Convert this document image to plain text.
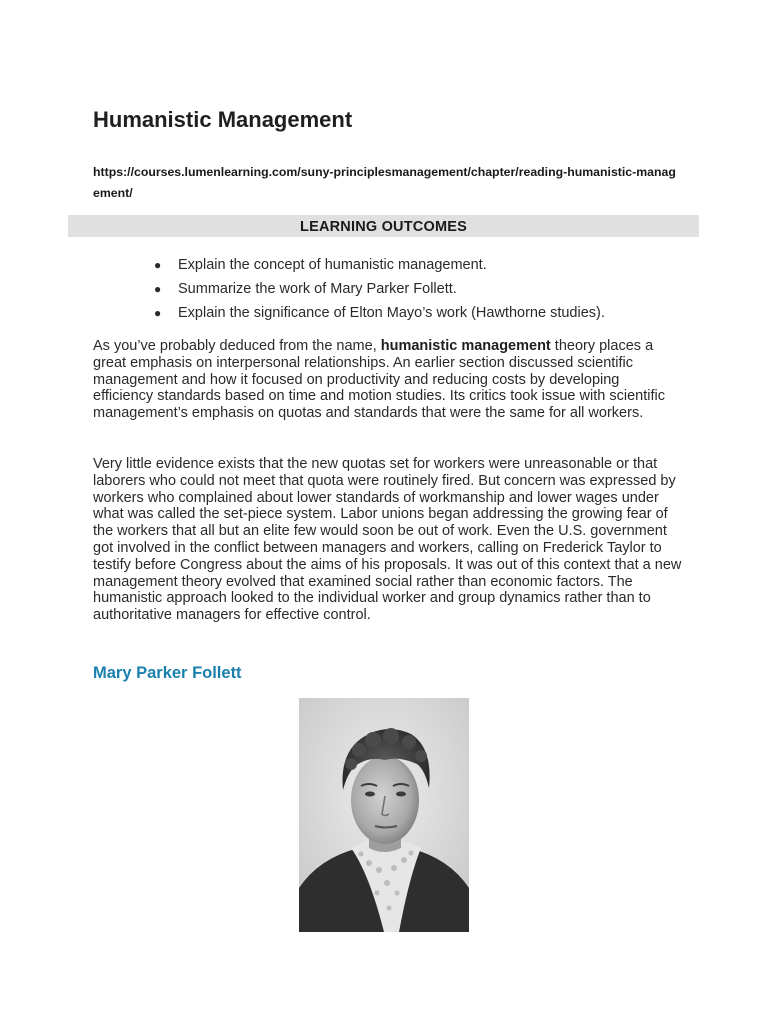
Humanistic Management
https://courses.lumenlearning.com/suny-principlesmanagement/chapter/reading-humanistic-management/
LEARNING OUTCOMES
● Explain the concept of humanistic management.
● Summarize the work of Mary Parker Follett.
● Explain the significance of Elton Mayo’s work (Hawthorne studies).

As you’ve probably deduced from the name, humanistic management theory places a great emphasis on interpersonal relationships. An earlier section discussed scientific management and how it focused on productivity and reducing costs by developing efficiency standards based on time and motion studies. Its critics took issue with scientific management’s emphasis on quotas and standards that were the same for all workers.

Very little evidence exists that the new quotas set for workers were unreasonable or that laborers who could not meet that quota were routinely fired. But concern was expressed by workers who complained about lower standards of workmanship and lower wages under what was called the set-piece system. Labor unions began addressing the growing fear of the workers that all but an elite few would soon be out of work. Even the U.S. government got involved in the conflict between managers and workers, calling on Frederick Taylor to testify before Congress about the aims of his proposals. It was out of this context that a new management theory evolved that examined social rather than economic factors. The humanistic approach looked to the individual worker and group dynamics rather than to authoritative managers for effective control.

Mary Parker Follett
